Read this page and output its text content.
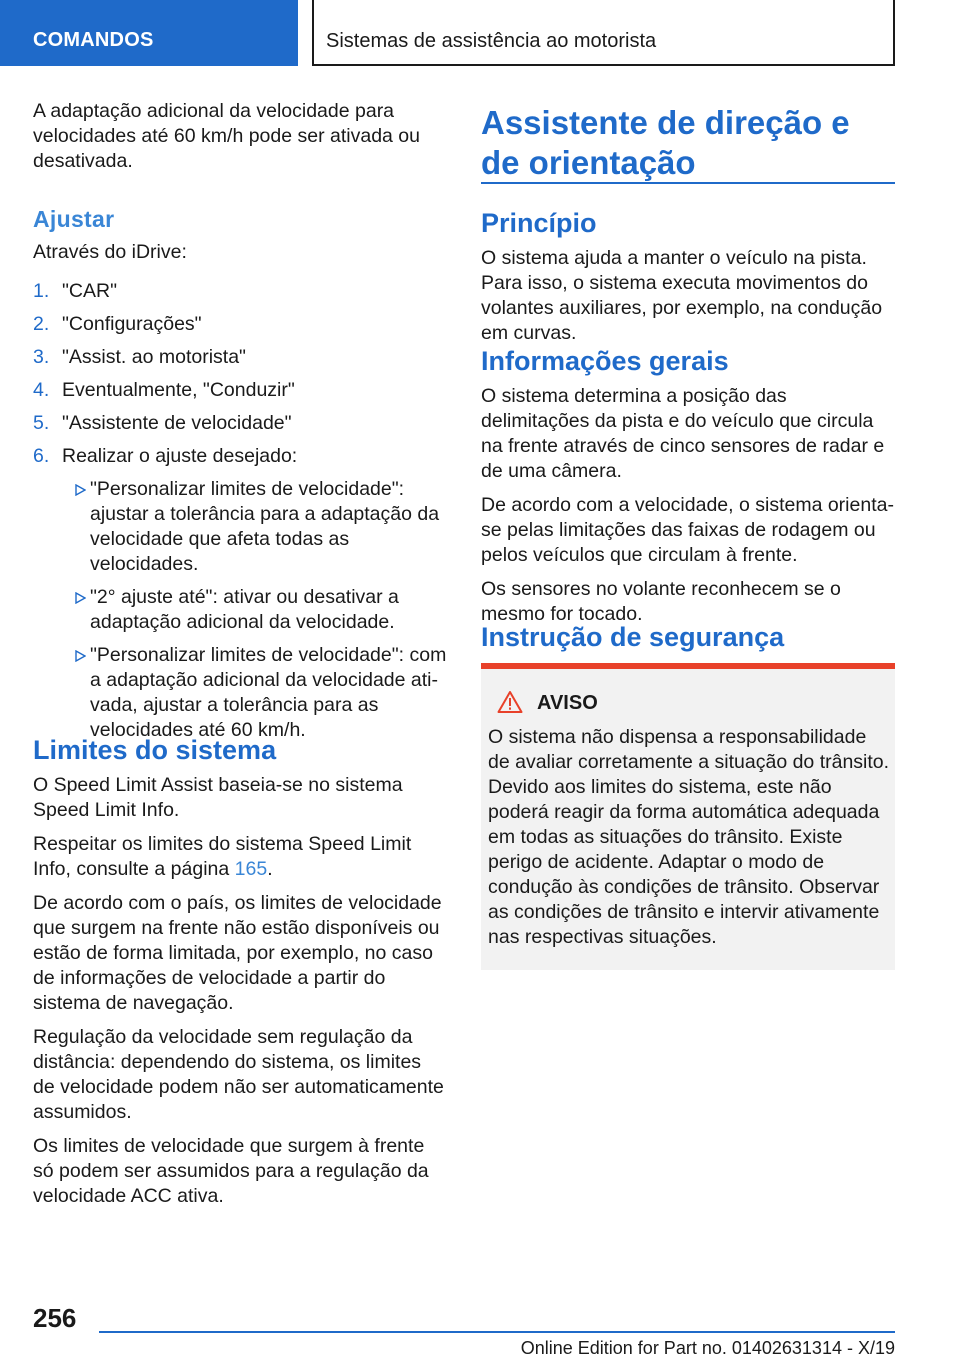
COMANDOS	Sistemas de assistência ao motorista

A adaptação adicional da velocidade para velocidades até 60 km/h pode ser ativada ou desativada.

Ajustar

Através do iDrive:

1. "CAR"
2. "Configurações"
3. "Assist. ao motorista"
4. Eventualmente, "Conduzir"
5. "Assistente de velocidade"
6. Realizar o ajuste desejado:
"Personalizar limites de velocidade": ajustar a tolerância para a adaptação da velocidade que afeta todas as velocidades.
"2° ajuste até": ativar ou desativar a adaptação adicional da velocidade.
"Personalizar limites de velocidade": com a adaptação adicional da velocidade ativada, ajustar a tolerância para as velocidades até 60 km/h.
Limites do sistema

O Speed Limit Assist baseia-se no sistema Speed Limit Info.

Respeitar os limites do sistema Speed Limit Info, consulte a página 165.

De acordo com o país, os limites de velocidade que surgem na frente não estão disponíveis ou estão de forma limitada, por exemplo, no caso de informações de velocidade a partir do sistema de navegação.

Regulação da velocidade sem regulação da distância: dependendo do sistema, os limites de velocidade podem não ser automaticamente assumidos.

Os limites de velocidade que surgem à frente só podem ser assumidos para a regulação da velocidade ACC ativa.

Assistente de direção e de orientação
Princípio

O sistema ajuda a manter o veículo na pista. Para isso, o sistema executa movimentos do volantes auxiliares, por exemplo, na condução em curvas.

Informações gerais

O sistema determina a posição das delimitações da pista e do veículo que circula na frente através de cinco sensores de radar e de uma câmera.

De acordo com a velocidade, o sistema orienta-se pelas limitações das faixas de rodagem ou pelos veículos que circulam à frente.

Os sensores no volante reconhecem se o mesmo for tocado.

Instrução de segurança
AVISO

O sistema não dispensa a responsabilidade de avaliar corretamente a situação do trânsito. Devido aos limites do sistema, este não poderá reagir da forma automática adequada em todas as situações do trânsito. Existe perigo de acidente. Adaptar o modo de condução às condições de trânsito. Observar as condições de trânsito e intervir ativamente nas respectivas situações.

256
Online Edition for Part no. 01402631314 - X/19
